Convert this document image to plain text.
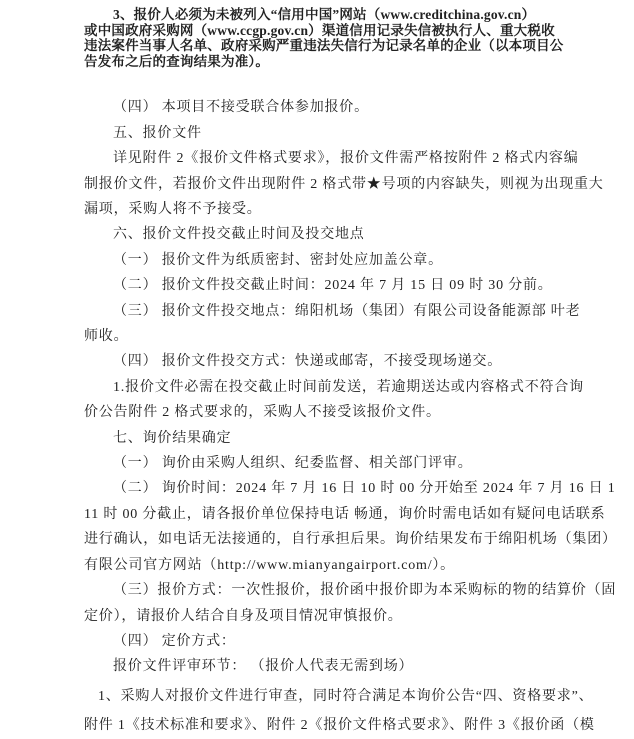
3、报价人必须为未被列入“信用中国”网站（www.creditchina.gov.cn）
或中国政府采购网（www.ccgp.gov.cn）渠道信用记录失信被执行人、重大税收
违法案件当事人名单、政府采购严重违法失信行为记录名单的企业（以本项目公
告发布之后的查询结果为准）。
（四） 本项目不接受联合体参加报价。
五、报价文件
详见附件 2《报价文件格式要求》，报价文件需严格按附件 2 格式内容编
制报价文件，若报价文件出现附件 2 格式带★号项的内容缺失，则视为出现重大
漏项，采购人将不予接受。
六、报价文件投交截止时间及投交地点
（一） 报价文件为纸质密封、密封处应加盖公章。
（二） 报价文件投交截止时间：2024 年 7 月 15 日 09 时 30 分前。
（三） 报价文件投交地点：绵阳机场（集团）有限公司设备能源部 叶老
师收。
（四） 报价文件投交方式：快递或邮寄，不接受现场递交。
1.报价文件必需在投交截止时间前发送，若逾期送达或内容格式不符合询
价公告附件 2 格式要求的，采购人不接受该报价文件。
七、询价结果确定
（一） 询价由采购人组织、纪委监督、相关部门评审。
（二） 询价时间：2024 年 7 月 16 日 10 时 00 分开始至 2024 年 7 月 16 日 1
11 时 00 分截止，请各报价单位保持电话 畅通，询价时需电话如有疑问电话联系
进行确认，如电话无法接通的，自行承担后果。询价结果发布于绵阳机场（集团）
有限公司官方网站（http://www.mianyangairport.com/）。
（三）报价方式：一次性报价，报价函中报价即为本采购标的物的结算价（固
定价），请报价人结合自身及项目情况审慎报价。
（四） 定价方式：
报价文件评审环节： （报价人代表无需到场）
1、采购人对报价文件进行审查，同时符合满足本询价公告“四、资格要求”、
附件 1《技术标准和要求》、附件 2《报价文件格式要求》、附件 3《报价函（模
